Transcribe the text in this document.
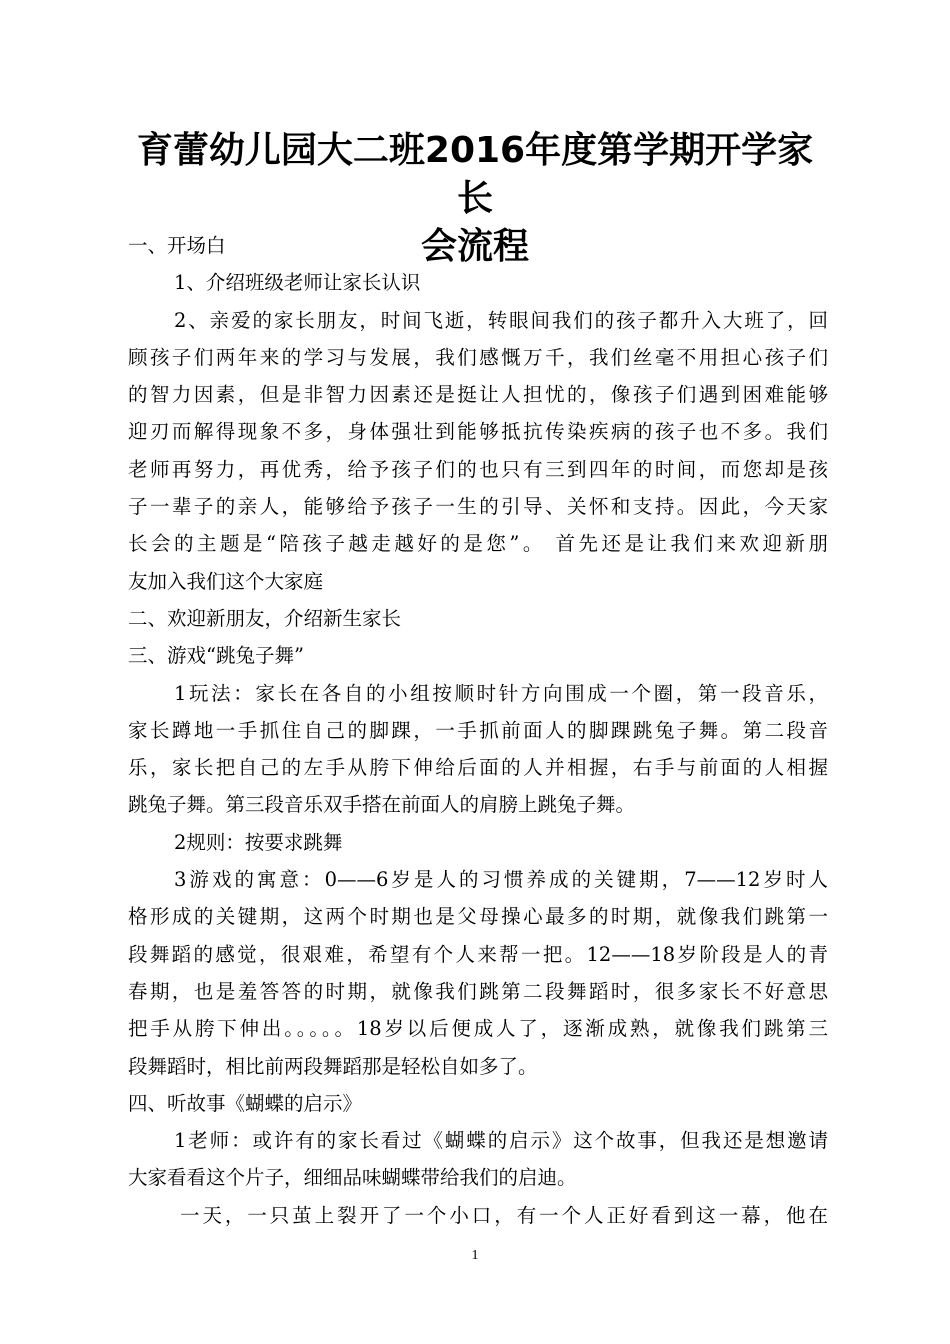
育蕾幼儿园大二班2016年度第学期开学家长
会流程
一、开场白
1、介绍班级老师让家长认识
2、亲爱的家长朋友，时间飞逝，转眼间我们的孩子都升入大班了，回
顾孩子们两年来的学习与发展，我们感慨万千，我们丝毫不用担心孩子们
的智力因素，但是非智力因素还是挺让人担忧的，像孩子们遇到困难能够
迎刃而解得现象不多，身体强壮到能够抵抗传染疾病的孩子也不多。我们
老师再努力，再优秀，给予孩子们的也只有三到四年的时间，而您却是孩
子一辈子的亲人，能够给予孩子一生的引导、关怀和支持。因此，今天家
长会的主题是“陪孩子越走越好的是您”。 首先还是让我们来欢迎新朋
友加入我们这个大家庭
二、欢迎新朋友，介绍新生家长
三、游戏“跳兔子舞”
1玩法：家长在各自的小组按顺时针方向围成一个圈，第一段音乐，
家长蹲地一手抓住自己的脚踝，一手抓前面人的脚踝跳兔子舞。第二段音
乐，家长把自己的左手从胯下伸给后面的人并相握，右手与前面的人相握
跳兔子舞。第三段音乐双手搭在前面人的肩膀上跳兔子舞。
2规则：按要求跳舞
3游戏的寓意：0——6岁是人的习惯养成的关键期，7——12岁时人
格形成的关键期，这两个时期也是父母操心最多的时期，就像我们跳第一
段舞蹈的感觉，很艰难，希望有个人来帮一把。12——18岁阶段是人的青
春期，也是羞答答的时期，就像我们跳第二段舞蹈时，很多家长不好意思
把手从胯下伸出。。。。。18岁以后便成人了，逐渐成熟，就像我们跳第三
段舞蹈时，相比前两段舞蹈那是轻松自如多了。
四、听故事《蝴蝶的启示》
1老师：或许有的家长看过《蝴蝶的启示》这个故事，但我还是想邀请
大家看看这个片子，细细品味蝴蝶带给我们的启迪。
一天，一只茧上裂开了一个小口，有一个人正好看到这一幕，他在
1
